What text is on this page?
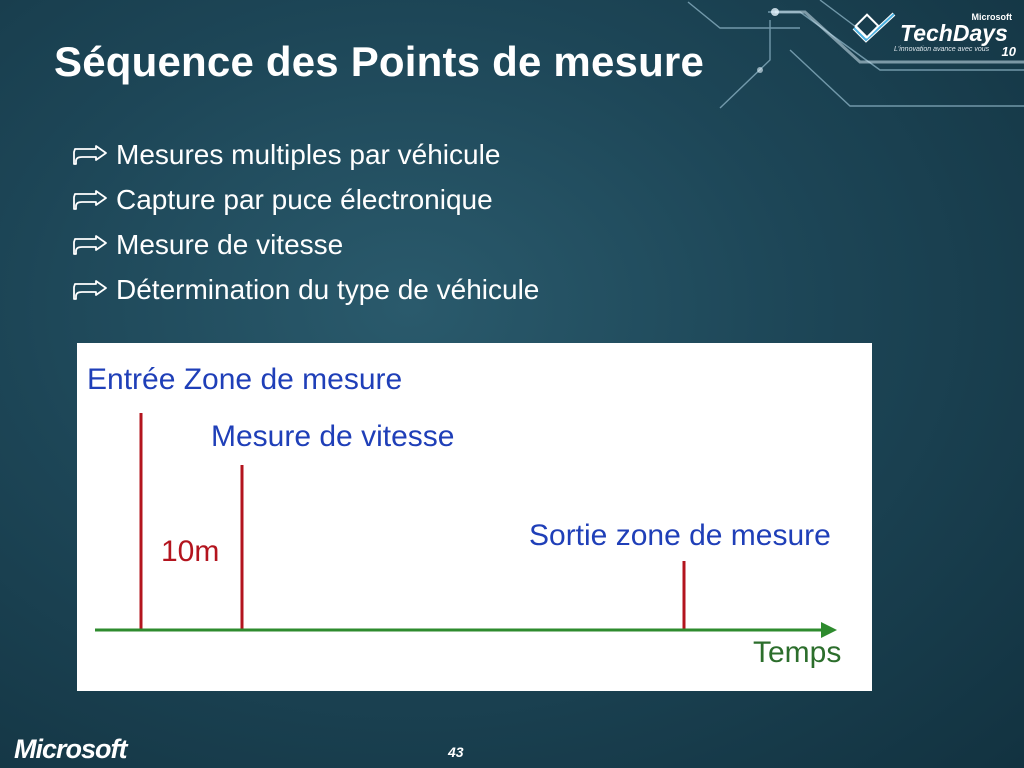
Microsoft
TechDays
L'innovation avance avec vous 10
Séquence des Points de mesure
Mesures multiples par véhicule
Capture par puce électronique
Mesure de vitesse
Détermination du type de véhicule
Entrée Zone de mesure
Mesure de vitesse
10m	Sortie zone de mesure
Temps
Microsoft	43
